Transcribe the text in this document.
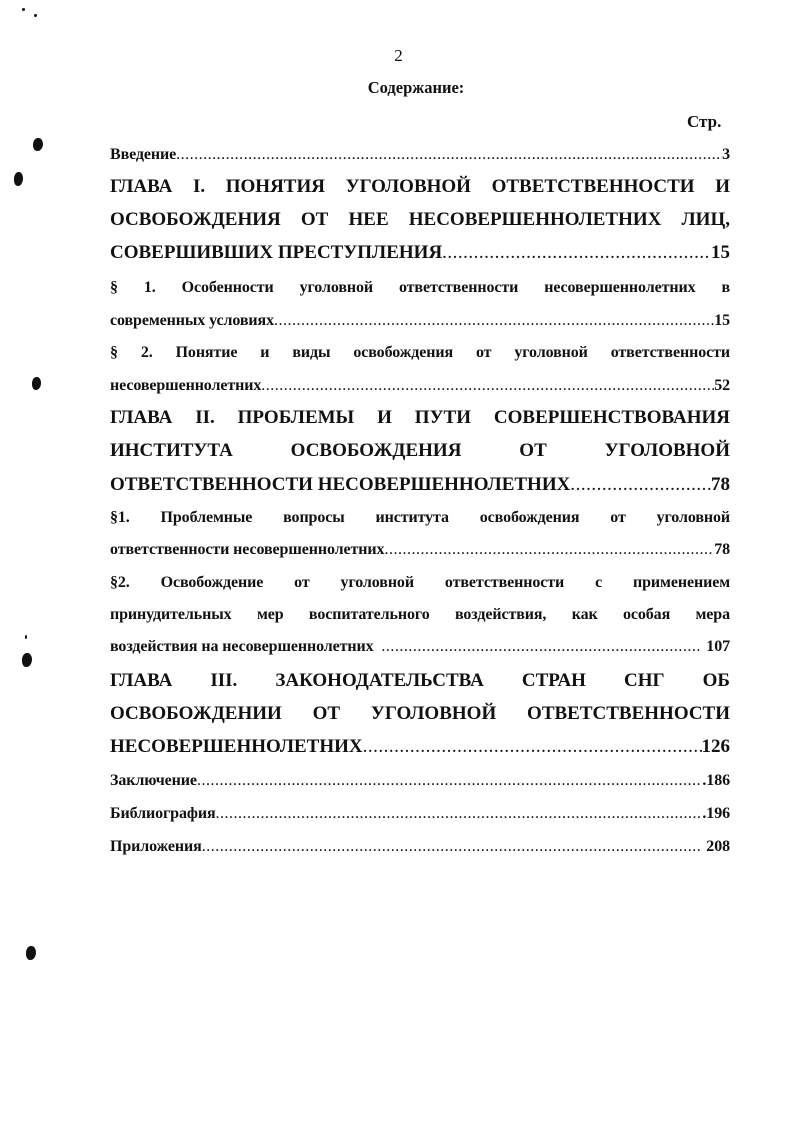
2
Содержание:
Стр.
Введение .....	3
ГЛАВА I. ПОНЯТИЯ УГОЛОВНОЙ ОТВЕТСТВЕННОСТИ И
ОСВОБОЖДЕНИЯ ОТ НЕЕ НЕСОВЕРШЕННОЛЕТНИХ ЛИЦ,
СОВЕРШИВШИХ ПРЕСТУПЛЕНИЯ .....	15
§ 1. Особенности уголовной ответственности несовершеннолетних в
современных условиях .....	15
§ 2. Понятие и виды освобождения от уголовной ответственности
несовершеннолетних .....	52
ГЛАВА II. ПРОБЛЕМЫ И ПУТИ СОВЕРШЕНСТВОВАНИЯ
ИНСТИТУТА ОСВОБОЖДЕНИЯ ОТ УГОЛОВНОЙ
ОТВЕТСТВЕННОСТИ НЕСОВЕРШЕННОЛЕТНИХ .....	78
§1. Проблемные вопросы института освобождения от уголовной
ответственности несовершеннолетних .....	78
§2. Освобождение от уголовной ответственности с применением
принудительных мер воспитательного воздействия, как особая мера
воздействия на несовершеннолетних .....	107
ГЛАВА III. ЗАКОНОДАТЕЛЬСТВА СТРАН СНГ ОБ
ОСВОБОЖДЕНИИ ОТ УГОЛОВНОЙ ОТВЕТСТВЕННОСТИ
НЕСОВЕРШЕННОЛЕТНИХ .....	126
Заключение .....	.186
Библиография .....	.196
Приложения .....	208
